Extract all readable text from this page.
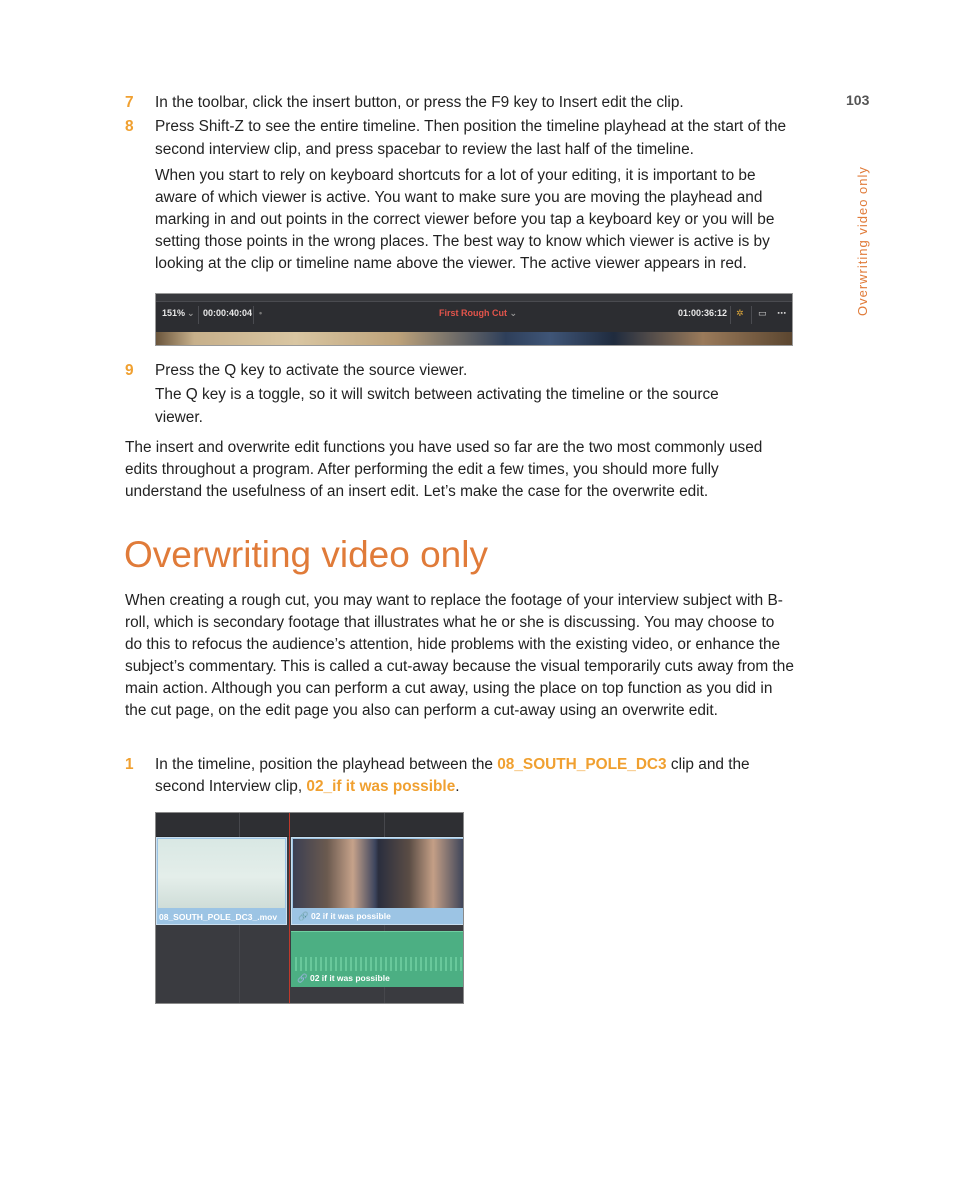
103
Overwriting video only
7 In the toolbar, click the insert button, or press the F9 key to Insert edit the clip.
8 Press Shift-Z to see the entire timeline. Then position the timeline playhead at the start of the second interview clip, and press spacebar to review the last half of the timeline.

When you start to rely on keyboard shortcuts for a lot of your editing, it is important to be aware of which viewer is active. You want to make sure you are moving the playhead and marking in and out points in the correct viewer before you tap a keyboard key or you will be setting those points in the wrong places. The best way to know which viewer is active is by looking at the clip or timeline name above the viewer. The active viewer appears in red.

151% ⌄ 00:00:40:04 •	First Rough Cut ⌄	01:00:36:12 ✲ ▭ ⋯
9 Press the Q key to activate the source viewer.

The Q key is a toggle, so it will switch between activating the timeline or the source viewer.

The insert and overwrite edit functions you have used so far are the two most commonly used edits throughout a program. After performing the edit a few times, you should more fully understand the usefulness of an insert edit. Let’s make the case for the overwrite edit.

Overwriting video only

When creating a rough cut, you may want to replace the footage of your interview subject with B-roll, which is secondary footage that illustrates what he or she is discussing. You may choose to do this to refocus the audience’s attention, hide problems with the existing video, or enhance the subject’s commentary. This is called a cut-away because the visual temporarily cuts away from the main action. Although you can perform a cut away, using the place on top function as you did in the cut page, on the edit page you also can perform a cut-away using an overwrite edit.

1 In the timeline, position the playhead between the 08_SOUTH_POLE_DC3 clip and the second Interview clip, 02_if it was possible.
08_SOUTH_POLE_DC3_.mov 🔗 02 if it was possible
🔗 02 if it was possible
